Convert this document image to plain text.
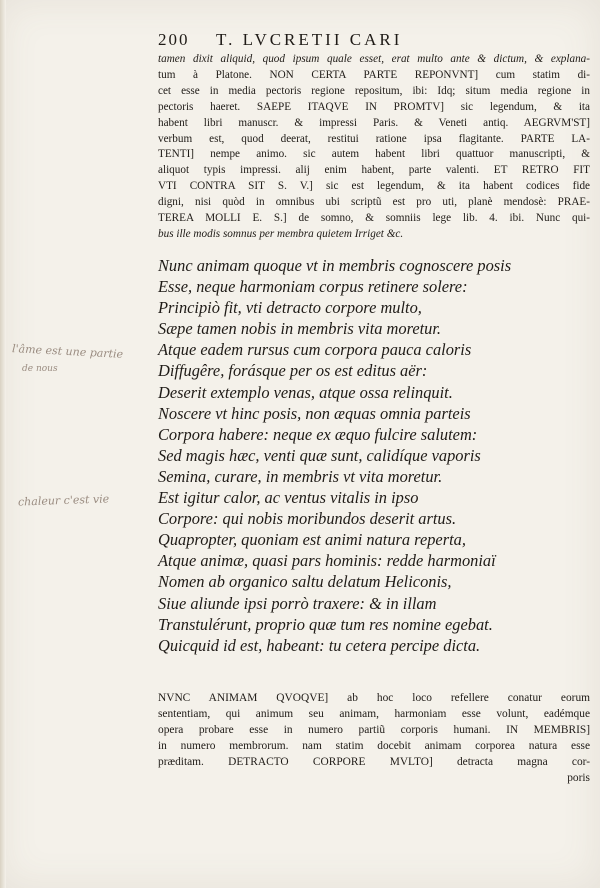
200 T. LVCRETII CARI

tamen dixit aliquid, quod ipsum quale esset, erat multo ante & dictum, & explana-

tum à Platone. NON CERTA PARTE REPONVNT] cum statim di-

cet esse in media pectoris regione repositum, ibi: Idq; situm media regione in

pectoris haeret. SAEPE ITAQVE IN PROMTV] sic legendum, & ita

habent libri manuscr. & impressi Paris. & Veneti antiq. AEGRVM'ST]

verbum est, quod deerat, restitui ratione ipsa flagitante. PARTE LA-

TENTI] nempe animo. sic autem habent libri quattuor manuscripti, &

aliquot typis impressi. alij enim habent, parte valenti. ET RETRO FIT

VTI CONTRA SIT S. V.] sic est legendum, & ita habent codices fide

digni, nisi quòd in omnibus ubi scriptũ est pro uti, planè mendosè: PRAE-

TEREA MOLLI E. S.] de somno, & somniis lege lib. 4. ibi. Nunc qui-

bus ille modis somnus per membra quietem Irriget &c.

Nunc animam quoque vt in membris cognoscere posis

Esse, neque harmoniam corpus retinere solere:

Principiò fit, vti detracto corpore multo,

Sæpe tamen nobis in membris vita moretur.

Atque eadem rursus cum corpora pauca caloris

Diffugêre, forásque per os est editus aër:

Deserit extemplo venas, atque ossa relinquit.

Noscere vt hinc posis, non æquas omnia parteis

Corpora habere: neque ex æquo fulcire salutem:

Sed magis hæc, venti quæ sunt, calidíque vaporis

Semina, curare, in membris vt vita moretur.

Est igitur calor, ac ventus vitalis in ipso

Corpore: qui nobis moribundos deserit artus.

Quapropter, quoniam est animi natura reperta,

Atque animæ, quasi pars hominis: redde harmoniaï

Nomen ab organico saltu delatum Heliconis,

Siue aliunde ipsi porrò traxere: & in illam

Transtulérunt, proprio quæ tum res nomine egebat.

Quicquid id est, habeant: tu cetera percipe dicta.

NVNC ANIMAM QVOQVE] ab hoc loco refellere conatur eorum

sententiam, qui animum seu animam, harmoniam esse volunt, eadémque

opera probare esse in numero partiũ corporis humani. IN MEMBRIS]

in numero membrorum. nam statim docebit animam corporea natura esse

præditam. DETRACTO CORPORE MVLTO] detracta magna cor-

poris

l'âme est une partie
de nous
chaleur c'est vie
